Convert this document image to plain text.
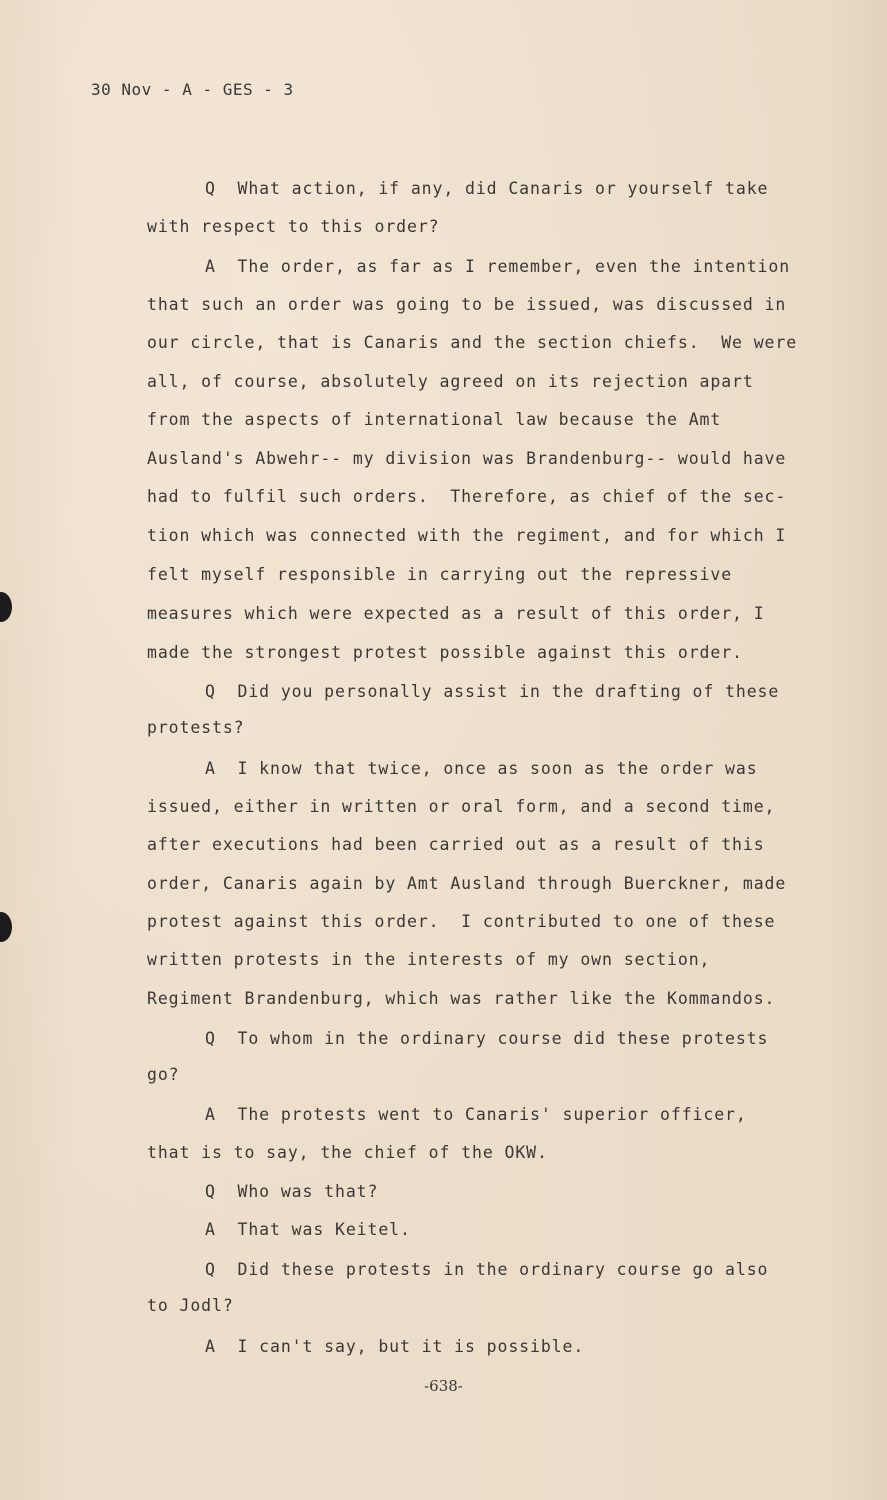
30 Nov - A - GES - 3
Q  What action, if any, did Canaris or yourself take
with respect to this order?
A  The order, as far as I remember, even the intention
that such an order was going to be issued, was discussed in
our circle, that is Canaris and the section chiefs.  We were
all, of course, absolutely agreed on its rejection apart
from the aspects of international law because the Amt
Ausland's Abwehr-- my division was Brandenburg-- would have
had to fulfil such orders.  Therefore, as chief of the sec-
tion which was connected with the regiment, and for which I
felt myself responsible in carrying out the repressive
measures which were expected as a result of this order, I
made the strongest protest possible against this order.
Q  Did you personally assist in the drafting of these
protests?
A  I know that twice, once as soon as the order was
issued, either in written or oral form, and a second time,
after executions had been carried out as a result of this
order, Canaris again by Amt Ausland through Buerckner, made
protest against this order.  I contributed to one of these
written protests in the interests of my own section,
Regiment Brandenburg, which was rather like the Kommandos.
Q  To whom in the ordinary course did these protests
go?
A  The protests went to Canaris' superior officer,
that is to say, the chief of the OKW.
Q  Who was that?
A  That was Keitel.
Q  Did these protests in the ordinary course go also
to Jodl?
A  I can't say, but it is possible.
-638-
